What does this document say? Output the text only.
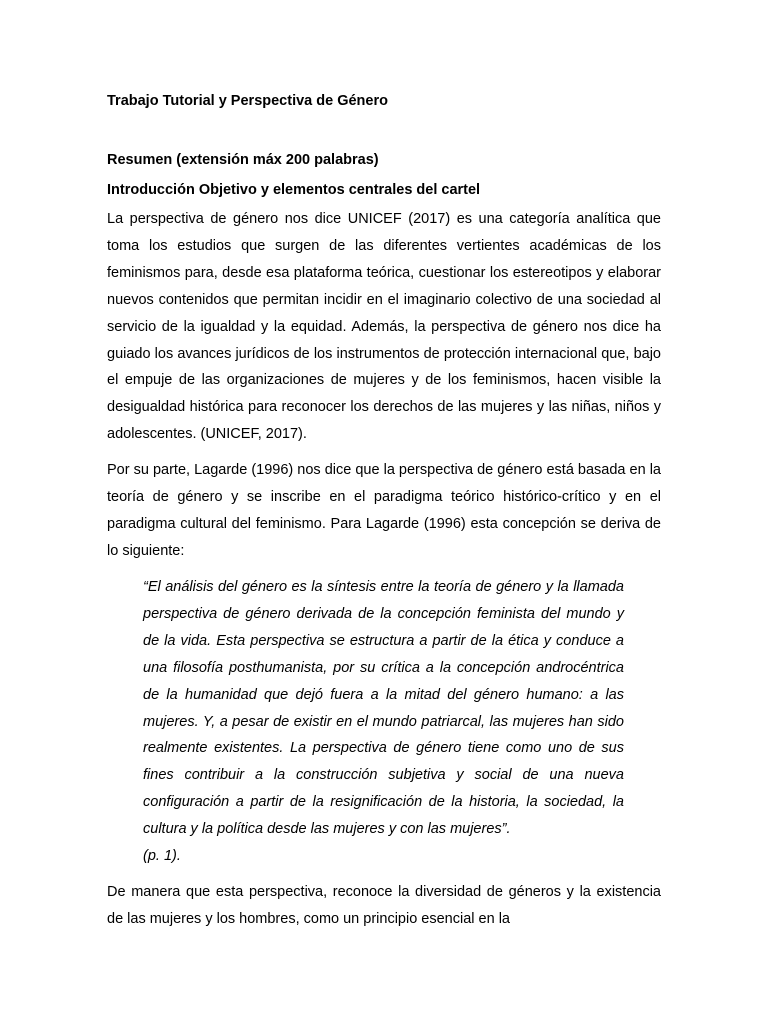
Trabajo Tutorial y Perspectiva de Género

Resumen (extensión máx 200 palabras)

Introducción Objetivo y elementos centrales del cartel

La perspectiva de género nos dice UNICEF (2017) es una categoría analítica que toma los estudios que surgen de las diferentes vertientes académicas de los feminismos para, desde esa plataforma teórica, cuestionar los estereotipos y elaborar nuevos contenidos que permitan incidir en el imaginario colectivo de una sociedad al servicio de la igualdad y la equidad. Además, la perspectiva de género nos dice ha guiado los avances jurídicos de los instrumentos de protección internacional que, bajo el empuje de las organizaciones de mujeres y de los feminismos, hacen visible la desigualdad histórica para reconocer los derechos de las mujeres y las niñas, niños y adolescentes. (UNICEF, 2017).

Por su parte, Lagarde (1996) nos dice que la perspectiva de género está basada en la teoría de género y se inscribe en el paradigma teórico histórico-crítico y en el paradigma cultural del feminismo. Para Lagarde (1996) esta concepción se deriva de lo siguiente:

“El análisis del género es la síntesis entre la teoría de género y la llamada perspectiva de género derivada de la concepción feminista del mundo y de la vida. Esta perspectiva se estructura a partir de la ética y conduce a una filosofía posthumanista, por su crítica a la concepción androcéntrica de la humanidad que dejó fuera a la mitad del género humano: a las mujeres. Y, a pesar de existir en el mundo patriarcal, las mujeres han sido realmente existentes. La perspectiva de género tiene como uno de sus fines contribuir a la construcción subjetiva y social de una nueva configuración a partir de la resignificación de la historia, la sociedad, la cultura y la política desde las mujeres y con las mujeres”.

(p. 1).

De manera que esta perspectiva, reconoce la diversidad de géneros y la existencia de las mujeres y los hombres, como un principio esencial en la
